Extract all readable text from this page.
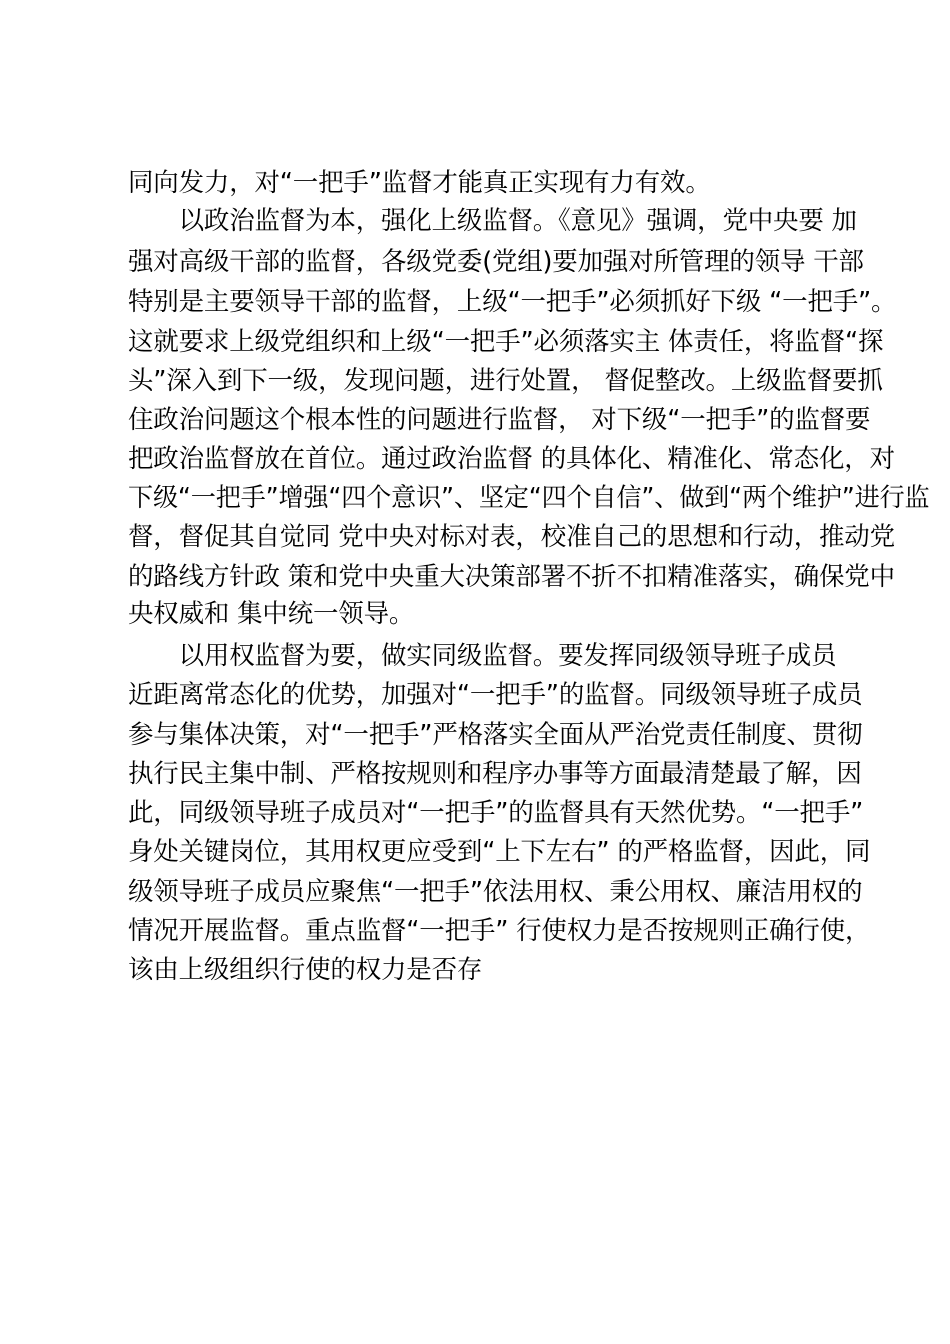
同向发力，对“一把手”监督才能真正实现有力有效。
　　以政治监督为本，强化上级监督。《意见》强调，党中央要 加
强对高级干部的监督，各级党委(党组)要加强对所管理的领导 干部
特别是主要领导干部的监督，上级“一把手”必须抓好下级 “一把手”。
这就要求上级党组织和上级“一把手”必须落实主 体责任，将监督“探
头”深入到下一级，发现问题，进行处置， 督促整改。上级监督要抓
住政治问题这个根本性的问题进行监督， 对下级“一把手”的监督要
把政治监督放在首位。通过政治监督 的具体化、精准化、常态化，对
下级“一把手”增强“四个意识”、坚定“四个自信”、做到“两个维护”进行监
督，督促其自觉同 党中央对标对表，校准自己的思想和行动，推动党
的路线方针政 策和党中央重大决策部署不折不扣精准落实，确保党中
央权威和 集中统一领导。
　　以用权监督为要，做实同级监督。要发挥同级领导班子成员
近距离常态化的优势，加强对“一把手”的监督。同级领导班子成员
参与集体决策，对“一把手”严格落实全面从严治党责任制度、贯彻
执行民主集中制、严格按规则和程序办事等方面最清楚最了解，因
此，同级领导班子成员对“一把手”的监督具有天然优势。“一把手”
身处关键岗位，其用权更应受到“上下左右” 的严格监督，因此，同
级领导班子成员应聚焦“一把手”依法用权、秉公用权、廉洁用权的
情况开展监督。重点监督“一把手” 行使权力是否按规则正确行使，
该由上级组织行使的权力是否存
